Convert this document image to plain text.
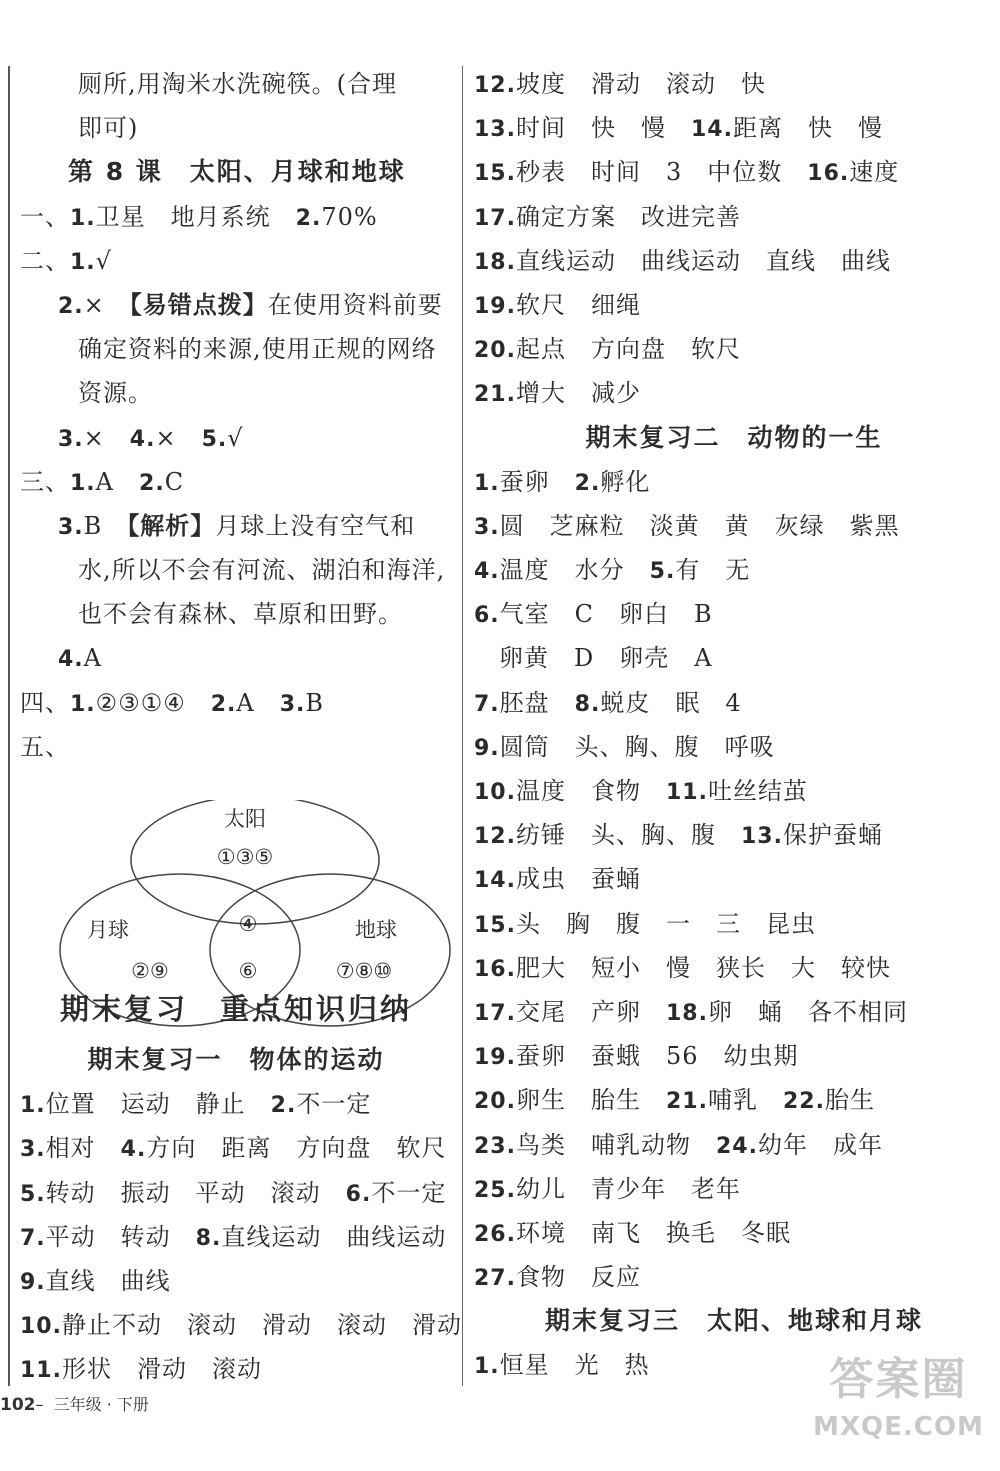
厕所,用淘米水洗碗筷。(合理
即可)
第 8 课　太阳、月球和地球
一、1.卫星　地月系统　2.70%
二、1.√
2.×　【易错点拨】在使用资料前要
确定资料的来源,使用正规的网络
资源。
3.×　4.×　5.√
三、1.A　2.C
3.B　【解析】月球上没有空气和
水,所以不会有河流、湖泊和海洋,
也不会有森林、草原和田野。
4.A
四、1.②③①④　2.A　3.B
五、
太阳
①③⑤
月球
②⑨
地球
⑦⑧⑩
④
⑥
期末复习　重点知识归纳
期末复习一　物体的运动
1.位置　运动　静止　2.不一定
3.相对　4.方向　距离　方向盘　软尺
5.转动　振动　平动　滚动　6.不一定
7.平动　转动　8.直线运动　曲线运动
9.直线　曲线
10.静止不动　滚动　滑动　滚动　滑动
11.形状　滑动　滚动
12.坡度　滑动　滚动　快
13.时间　快　慢　14.距离　快　慢
15.秒表　时间　3　中位数　16.速度
17.确定方案　改进完善
18.直线运动　曲线运动　直线　曲线
19.软尺　细绳
20.起点　方向盘　软尺
21.增大　减少
期末复习二　动物的一生
1.蚕卵　2.孵化
3.圆　芝麻粒　淡黄　黄　灰绿　紫黑
4.温度　水分　5.有　无
6.气室　C　卵白　B
卵黄　D　卵壳　A
7.胚盘　8.蜕皮　眠　4
9.圆筒　头、胸、腹　呼吸
10.温度　食物　11.吐丝结茧
12.纺锤　头、胸、腹　13.保护蚕蛹
14.成虫　蚕蛹
15.头　胸　腹　一　三　昆虫
16.肥大　短小　慢　狭长　大　较快
17.交尾　产卵　18.卵　蛹　各不相同
19.蚕卵　蚕蛾　56　幼虫期
20.卵生　胎生　21.哺乳　22.胎生
23.鸟类　哺乳动物　24.幼年　成年
25.幼儿　青少年　老年
26.环境　南飞　换毛　冬眠
27.食物　反应
期末复习三　太阳、地球和月球
1.恒星　光　热
102– 三年级 · 下册	答案圈
MXQE.COM
